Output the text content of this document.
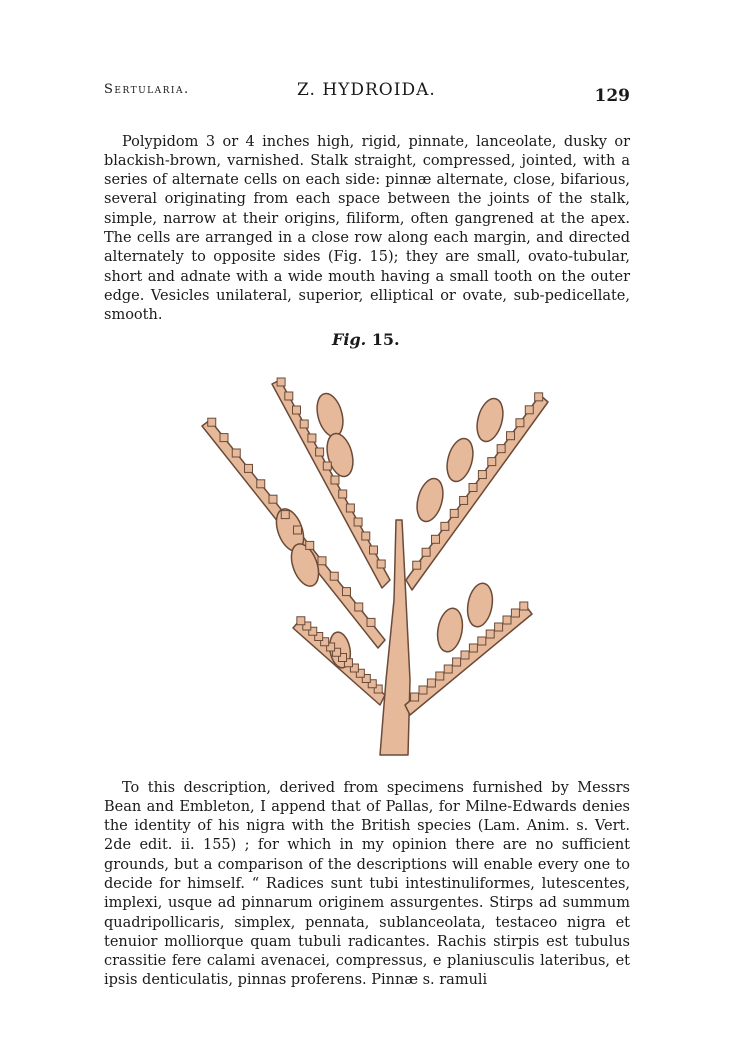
Sertularia.	Z. HYDROIDA.	129

Polypidom 3 or 4 inches high, rigid, pinnate, lanceolate, dusky or blackish-brown, varnished. Stalk straight, compressed, jointed, with a series of alternate cells on each side: pinnæ alternate, close, bifarious, several originating from each space between the joints of the stalk, simple, narrow at their origins, filiform, often gangrened at the apex. The cells are arranged in a close row along each margin, and directed alternately to opposite sides (Fig. 15); they are small, ovato-tubular, short and adnate with a wide mouth having a small tooth on the outer edge. Vesicles unilateral, superior, elliptical or ovate, sub-pedicellate, smooth.

Fig. 15.

To this description, derived from specimens furnished by Messrs Bean and Embleton, I append that of Pallas, for Milne-Edwards denies the identity of his nigra with the British species (Lam. Anim. s. Vert. 2de edit. ii. 155) ; for which in my opinion there are no sufficient grounds, but a comparison of the descriptions will enable every one to decide for himself. “ Radices sunt tubi intestinuliformes, lutescentes, implexi, usque ad pinnarum originem assurgentes. Stirps ad summum quadripollicaris, simplex, pennata, sublanceolata, testaceo nigra et tenuior molliorque quam tubuli radicantes. Rachis stirpis est tubulus crassitie fere calami avenacei, compressus, e planiusculis lateribus, et ipsis denticulatis, pinnas proferens. Pinnæ s. ramuli
